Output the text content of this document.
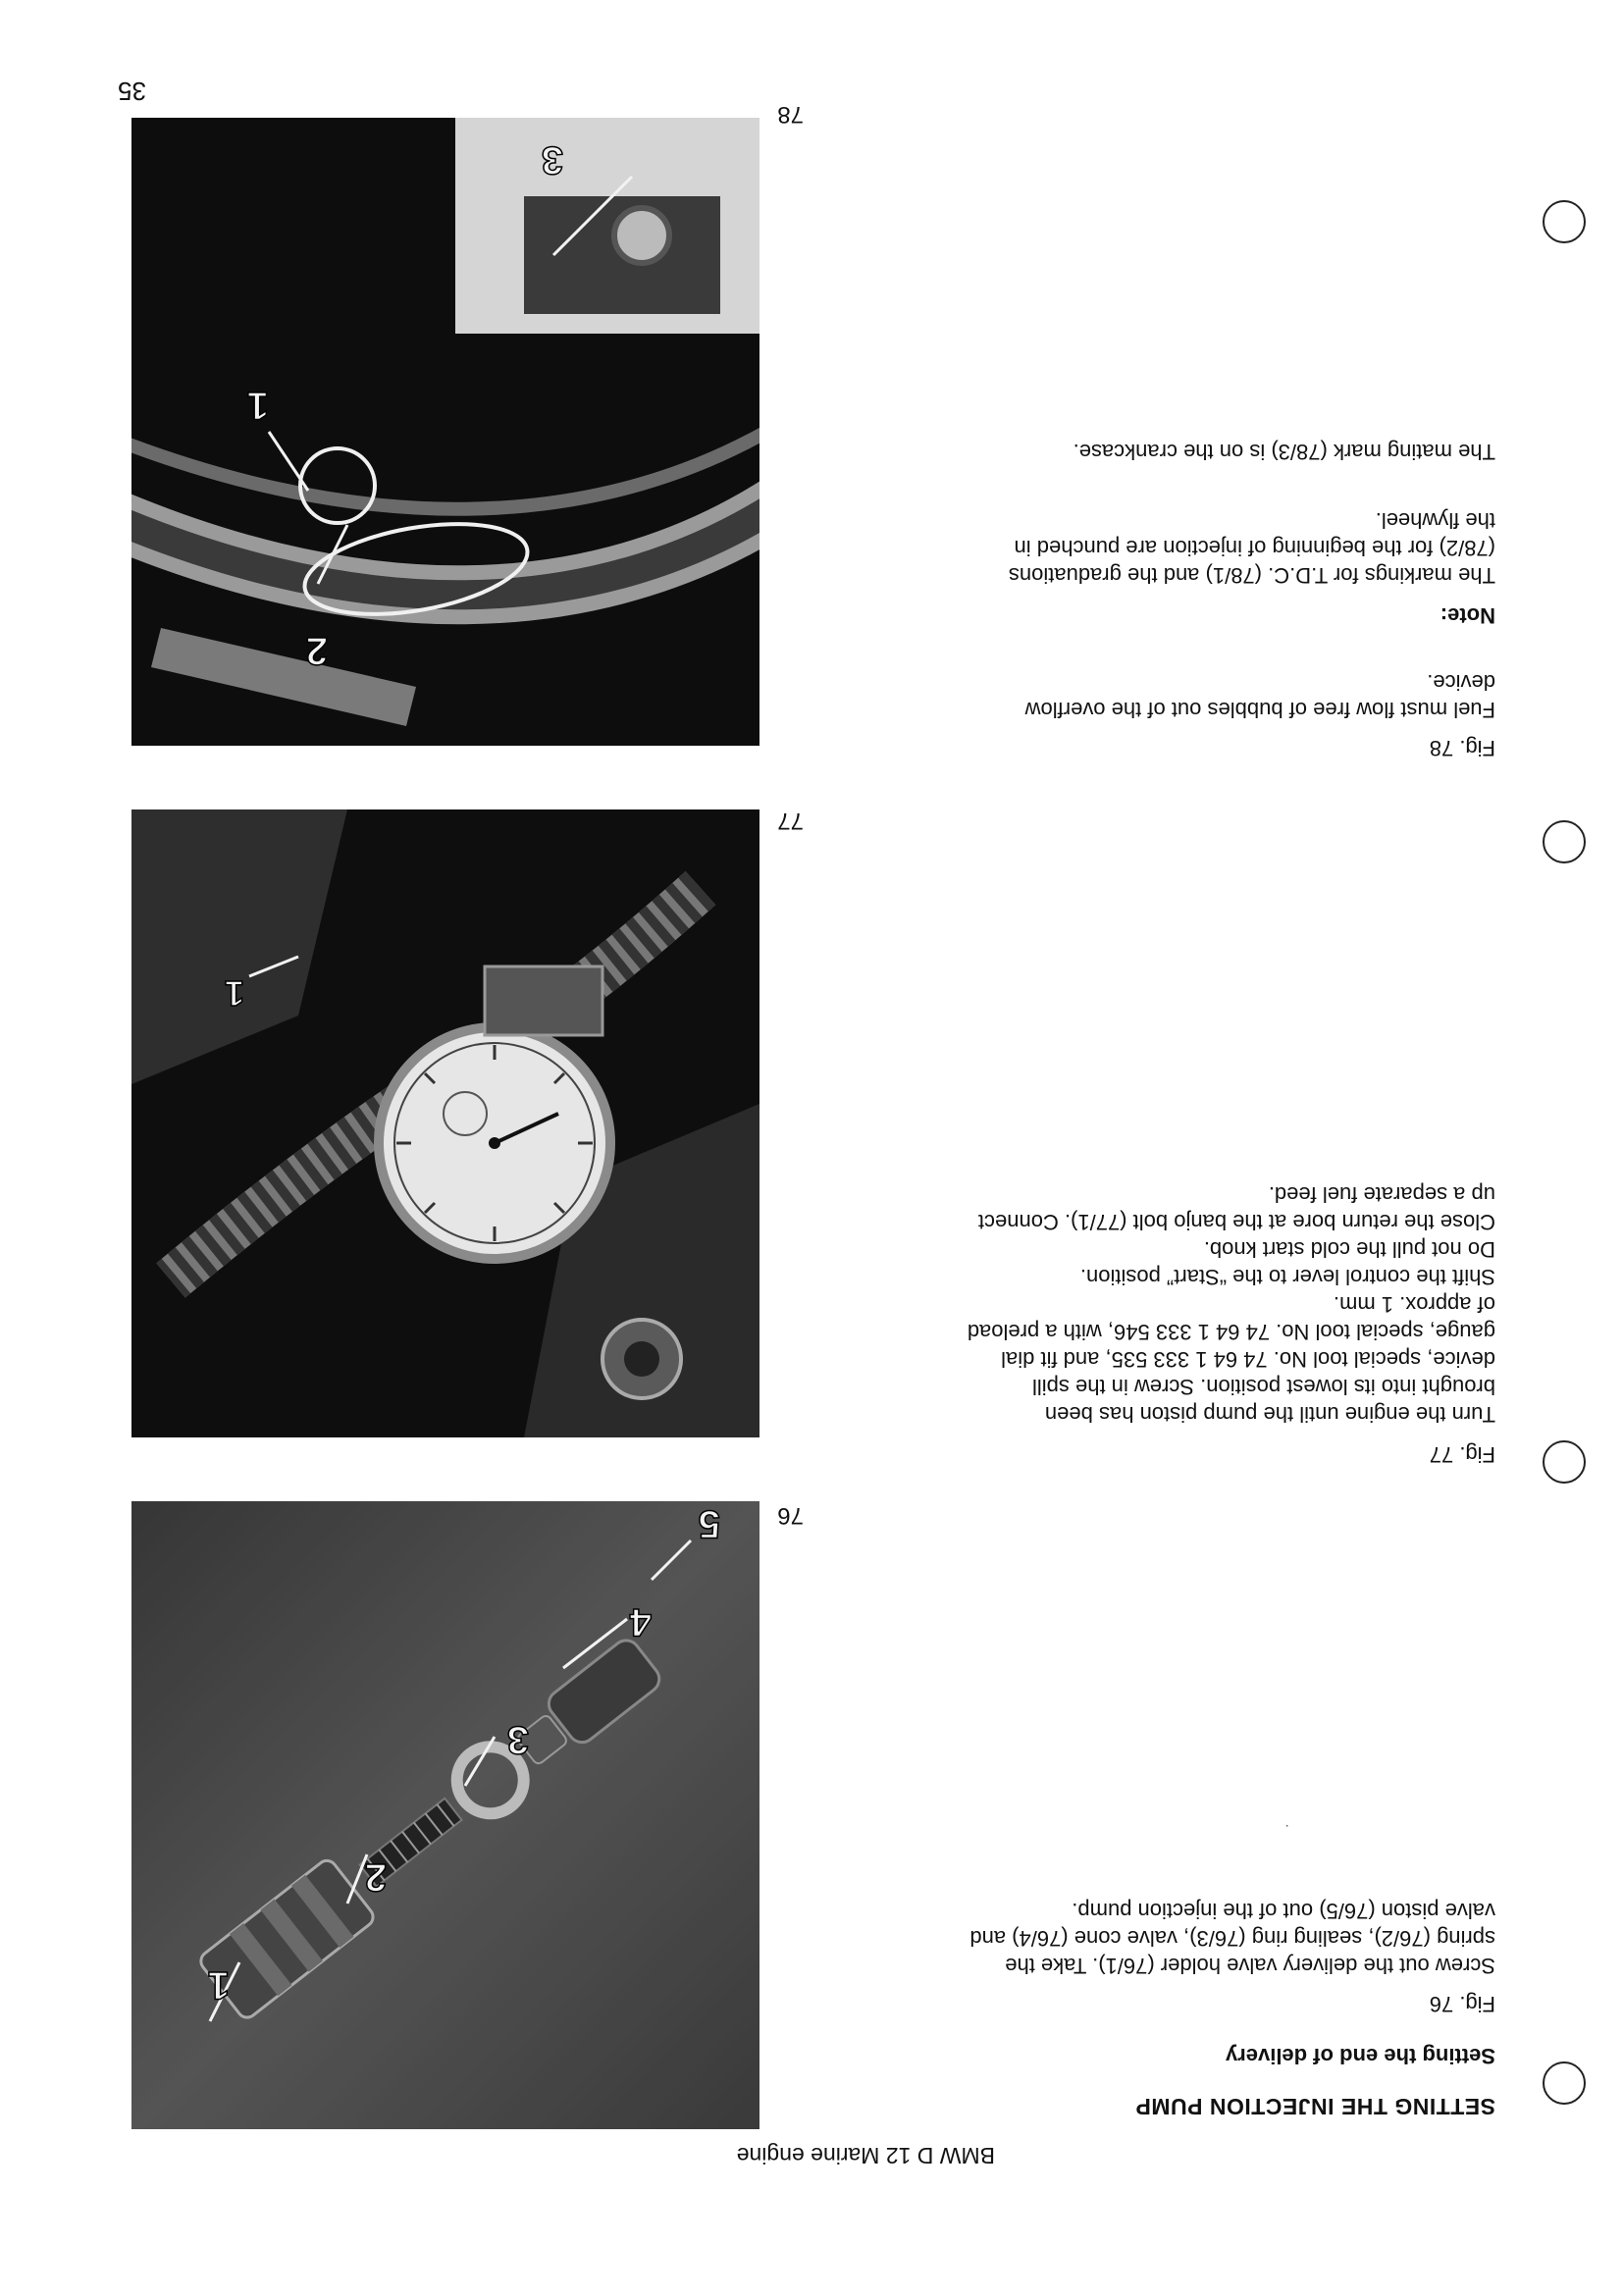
BMW D 12 Marine engine
SETTING THE INJECTION PUMP
Setting the end of delivery
Fig. 76

Screw out the delivery valve holder (76/1). Take the
spring (76/2), sealing ring (76/3), valve cone (76/4) and
valve piston (76/5) out of the injection pump.

5
4
3
2
1
76
·
Fig. 77

Turn the engine until the pump piston has been
brought into its lowest position. Screw in the spill
device, special tool No. 74 64 1 333 535, and fit dial
gauge, special tool No. 74 64 1 333 546, with a preload
of approx. 1 mm.
Shift the control lever to the “Start” position.
Do not pull the cold start knob.
Close the return bore at the banjo bolt (77/1). Connect
up a separate fuel feed.

1
77
Fig. 78

Fuel must flow free of bubbles out of the overflow
device.

Note:

The markings for T.D.C. (78/1) and the graduations
(78/2) for the beginning of injection are punched in
the flywheel.

The mating mark (78/3) is on the crankcase.

2
1
3
78
35
